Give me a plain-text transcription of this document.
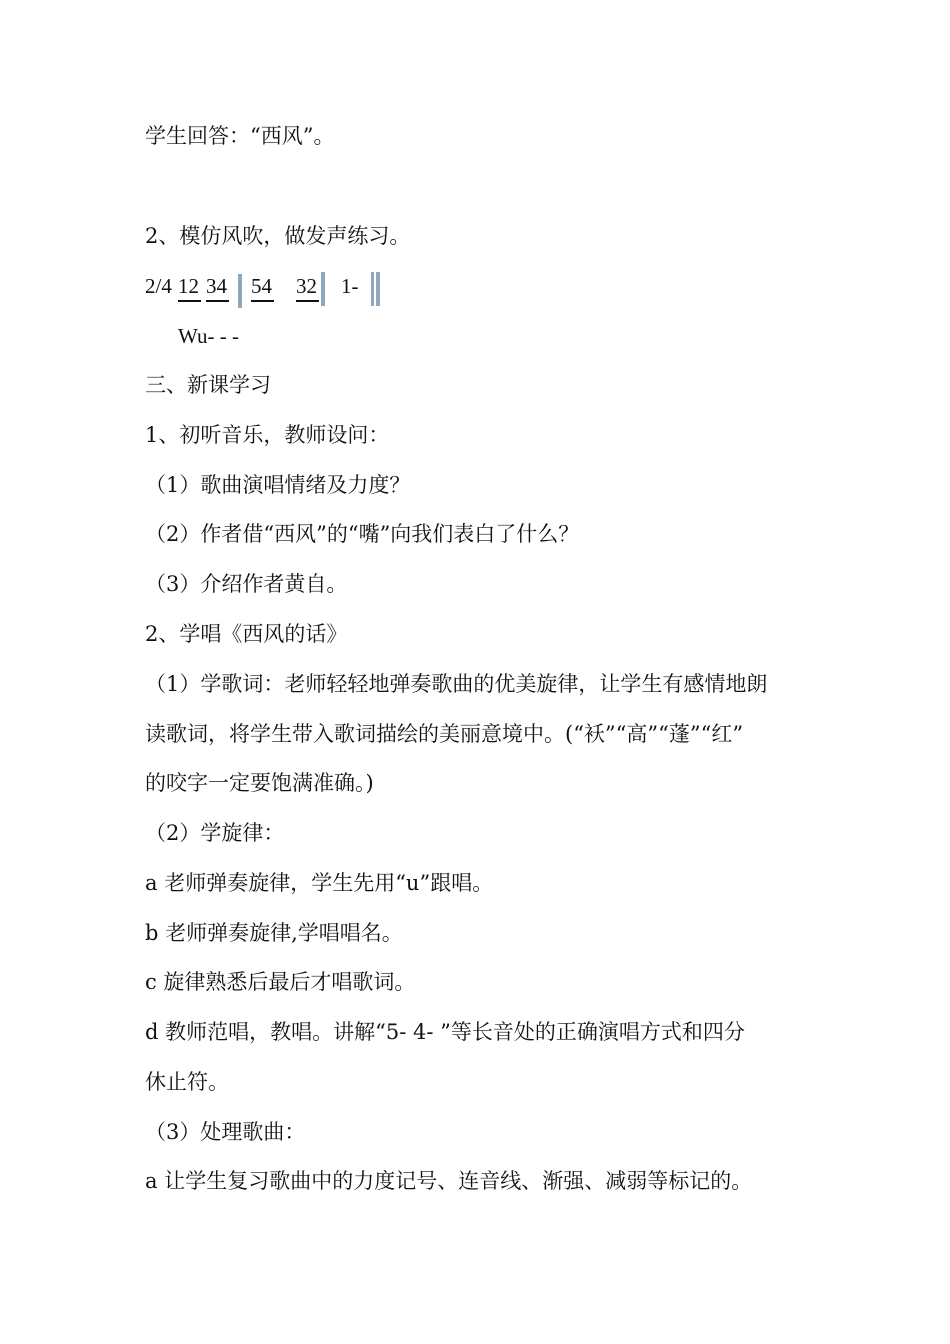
学生回答：“西风”。
2、模仿风吹，做发声练习。
2/4 12 34 54 32 1-
Wu- - -
三、新课学习
1、初听音乐，教师设问：
（1）歌曲演唱情绪及力度？
（2）作者借“西风”的“嘴”向我们表白了什么？
（3）介绍作者黄自。
2、学唱《西风的话》
（1）学歌词：老师轻轻地弹奏歌曲的优美旋律，让学生有感情地朗
读歌词，将学生带入歌词描绘的美丽意境中。(“袄”“高”“蓬”“红”
的咬字一定要饱满准确。)
（2）学旋律：
a 老师弹奏旋律，学生先用“u”跟唱。
b 老师弹奏旋律,学唱唱名。
c 旋律熟悉后最后才唱歌词。
d 教师范唱，教唱。讲解“5- 4- ”等长音处的正确演唱方式和四分
休止符。
（3）处理歌曲：
a 让学生复习歌曲中的力度记号、连音线、渐强、减弱等标记的。
